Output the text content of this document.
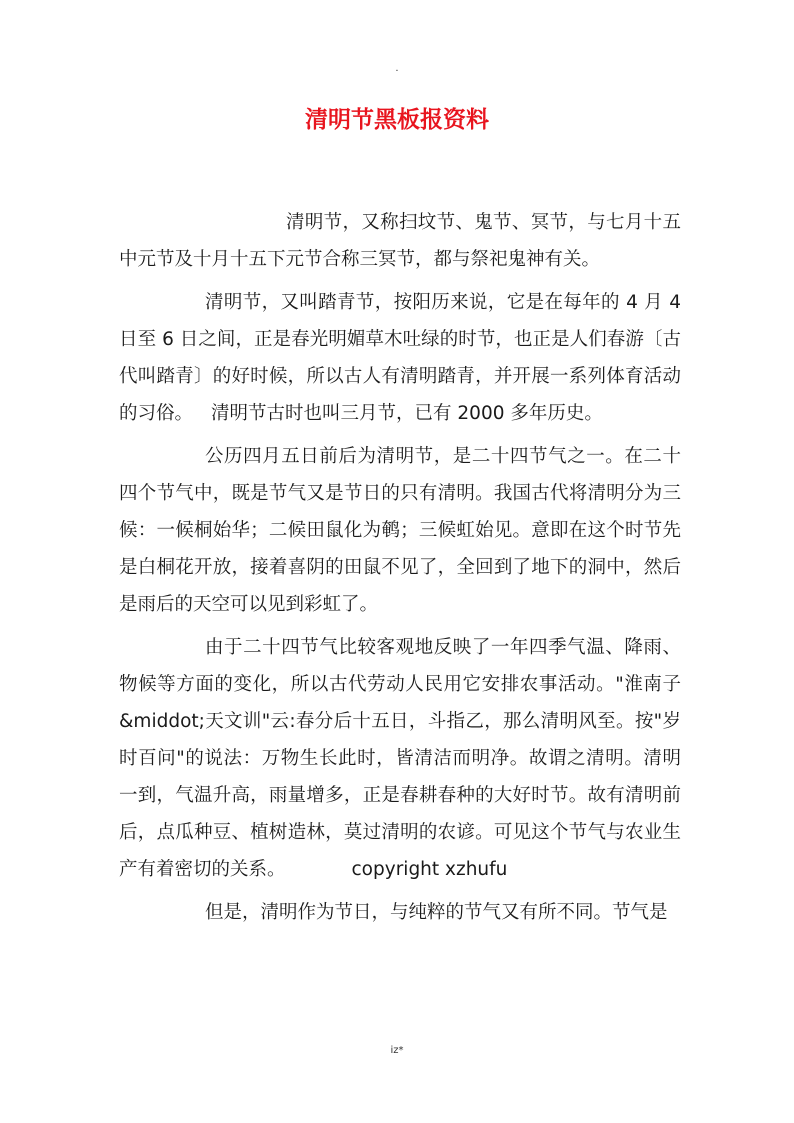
.
清明节黑板报资料

清明节，又称扫坟节、鬼节、冥节，与七月十五中元节及十月十五下元节合称三冥节，都与祭祀鬼神有关。

清明节，又叫踏青节，按阳历来说，它是在每年的 4 月 4 日至 6 日之间，正是春光明媚草木吐绿的时节，也正是人们春游〔古代叫踏青〕的好时候，所以古人有清明踏青，并开展一系列体育活动的习俗。 清明节古时也叫三月节，已有 2000 多年历史。

公历四月五日前后为清明节，是二十四节气之一。在二十四个节气中，既是节气又是节日的只有清明。我国古代将清明分为三候：一候桐始华；二候田鼠化为鹌；三候虹始见。意即在这个时节先是白桐花开放，接着喜阴的田鼠不见了，全回到了地下的洞中，然后是雨后的天空可以见到彩虹了。

由于二十四节气比较客观地反映了一年四季气温、降雨、物候等方面的变化，所以古代劳动人民用它安排农事活动。"淮南子&middot;天文训"云:春分后十五日，斗指乙，那么清明风至。按"岁时百问"的说法：万物生长此时，皆清洁而明净。故谓之清明。清明一到，气温升高，雨量增多，正是春耕春种的大好时节。故有清明前后，点瓜种豆、植树造林，莫过清明的农谚。可见这个节气与农业生产有着密切的关系。	copyright xzhufu

但是，清明作为节日，与纯粹的节气又有所不同。节气是

iz*
